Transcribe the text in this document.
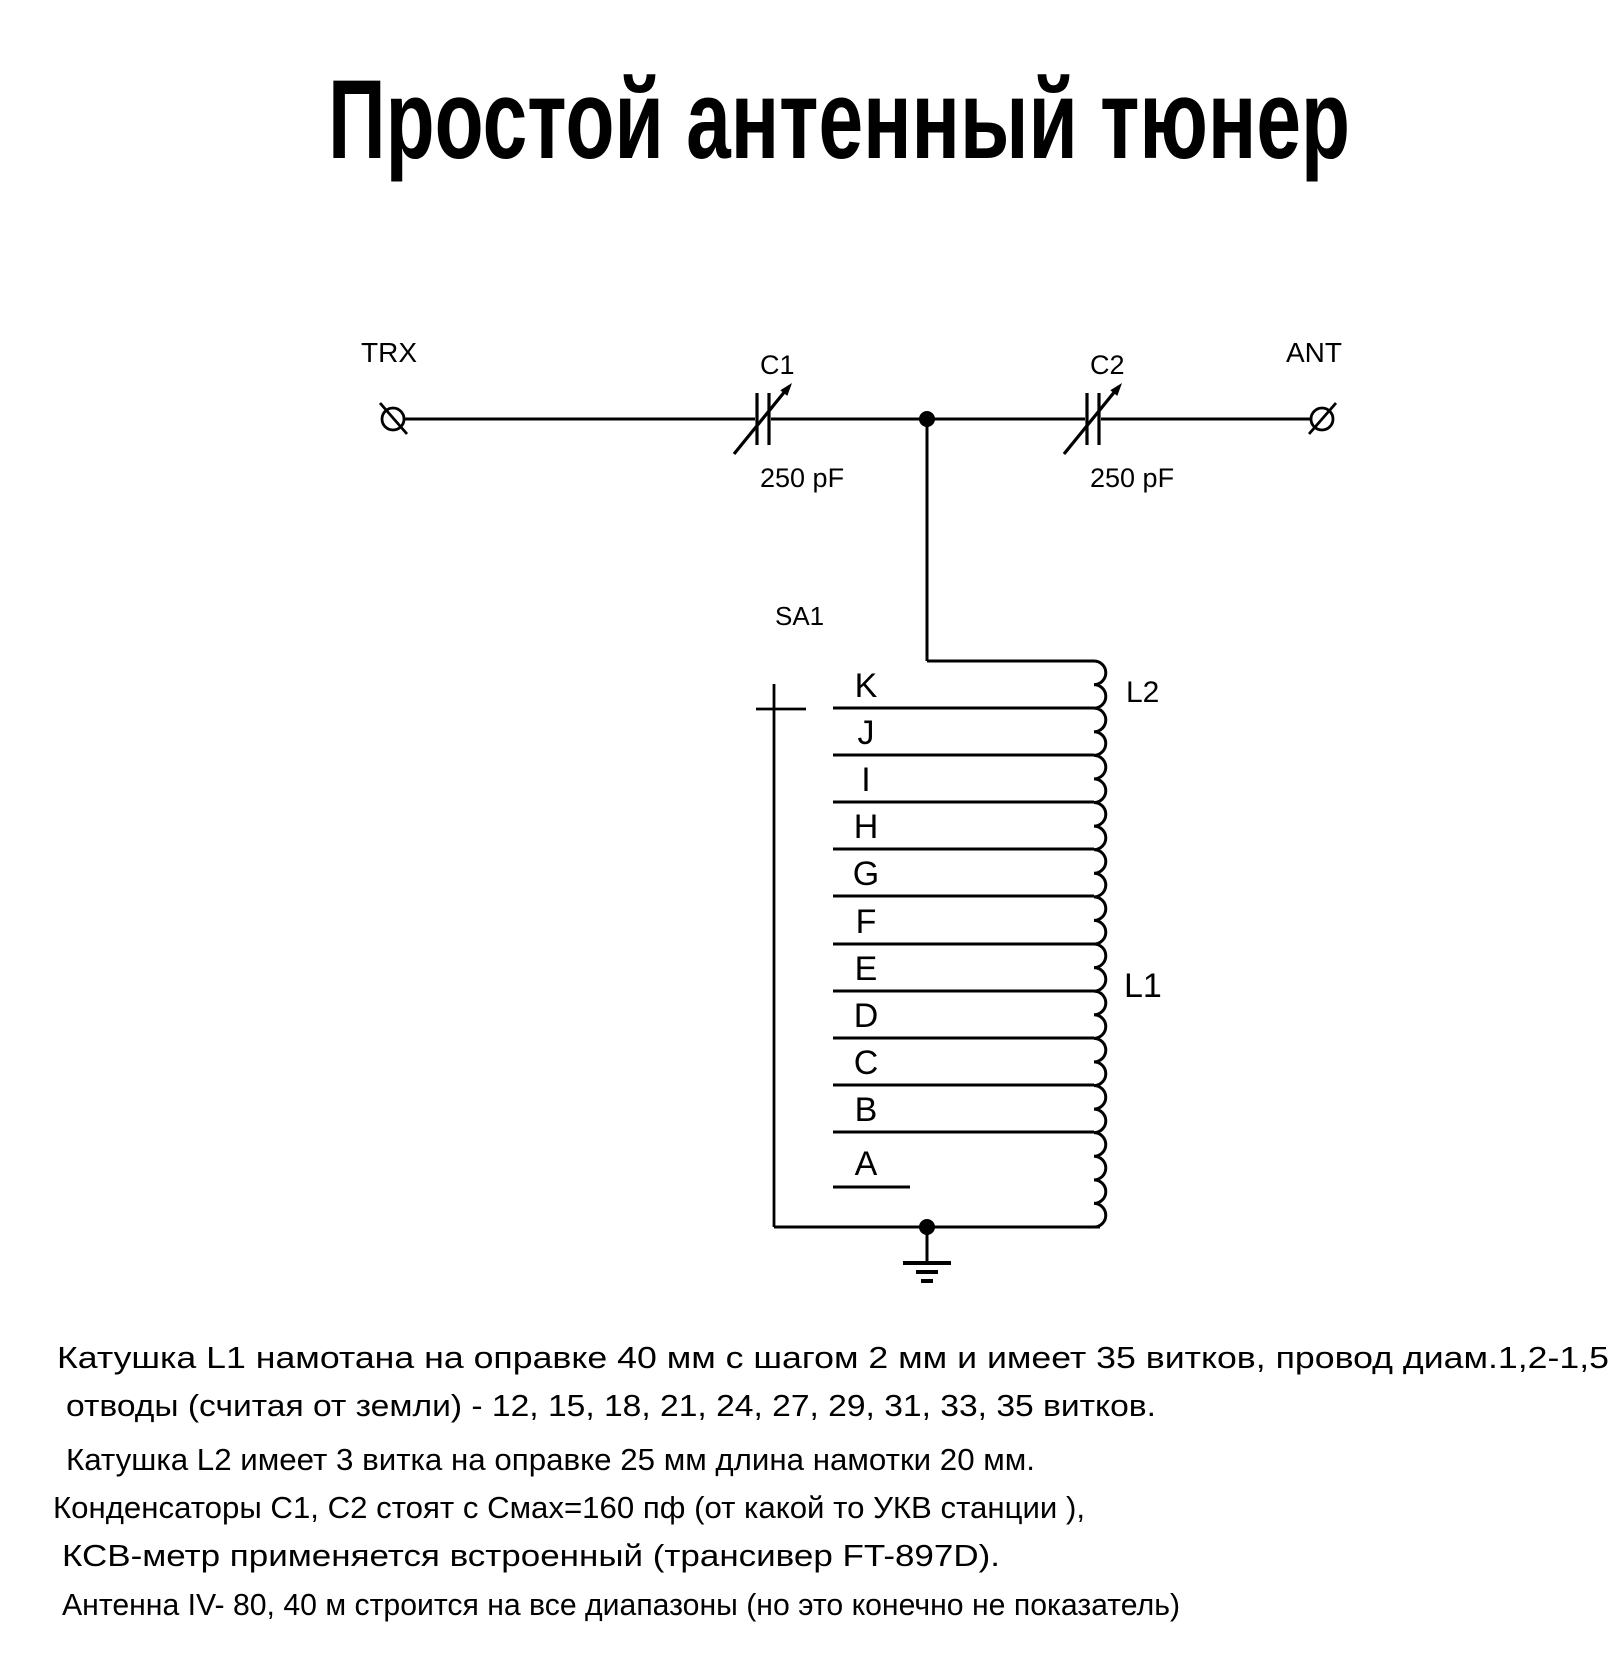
Простой антенный тюнер
TRX	ANT
C1
250 pF
C2
250 pF
SA1
L2
L1
K
J
I
H
G
F
E
D
C
B
A
Катушка L1 намотана на оправке 40 мм с шагом 2 мм и имеет 35 витков, провод диам.1,2-1,5
отводы (считая от земли) - 12, 15, 18, 21, 24, 27, 29, 31, 33, 35 витков.
Катушка L2 имеет 3 витка на оправке 25 мм длина намотки 20 мм.
Конденсаторы С1, С2 стоят с Смах=160 пф (от какой то УКВ станции ),
КСВ-метр применяется встроенный (трансивер FT-897D).
Антенна IV- 80, 40 м строится на все диапазоны (но это конечно не показатель)
